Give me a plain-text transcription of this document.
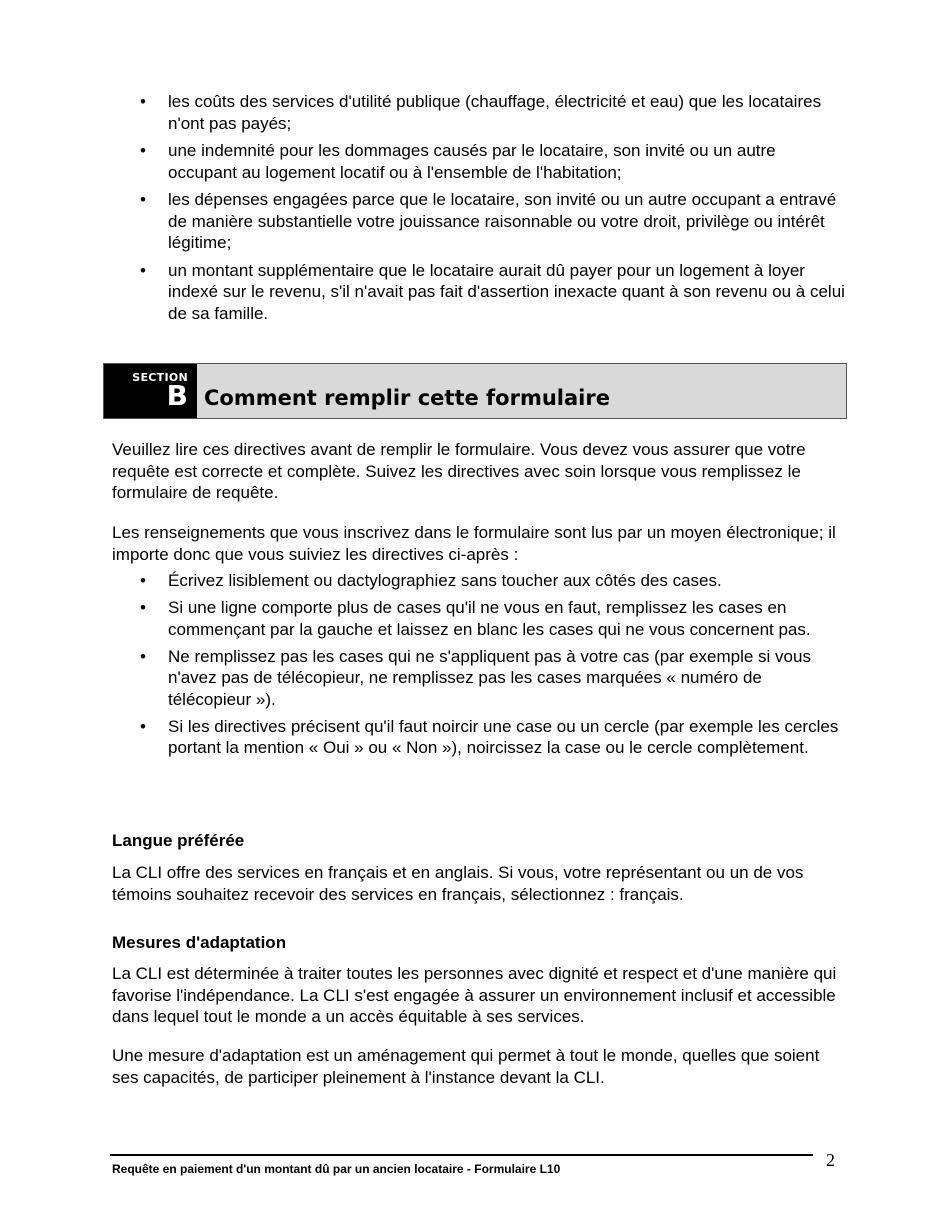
• les coûts des services d'utilité publique (chauffage, électricité et eau) que les locataires n'ont pas payés;
• une indemnité pour les dommages causés par le locataire, son invité ou un autre occupant au logement locatif ou à l'ensemble de l'habitation;
• les dépenses engagées parce que le locataire, son invité ou un autre occupant a entravé de manière substantielle votre jouissance raisonnable ou votre droit, privilège ou intérêt légitime;
• un montant supplémentaire que le locataire aurait dû payer pour un logement à loyer indexé sur le revenu, s'il n'avait pas fait d'assertion inexacte quant à son revenu ou à celui de sa famille.
SECTION
B Comment remplir cette formulaire

Veuillez lire ces directives avant de remplir le formulaire. Vous devez vous assurer que votre requête est correcte et complète. Suivez les directives avec soin lorsque vous remplissez le formulaire de requête.

Les renseignements que vous inscrivez dans le formulaire sont lus par un moyen électronique; il importe donc que vous suiviez les directives ci-après :

• Écrivez lisiblement ou dactylographiez sans toucher aux côtés des cases.
• Si une ligne comporte plus de cases qu'il ne vous en faut, remplissez les cases en commençant par la gauche et laissez en blanc les cases qui ne vous concernent pas.
• Ne remplissez pas les cases qui ne s'appliquent pas à votre cas (par exemple si vous n'avez pas de télécopieur, ne remplissez pas les cases marquées « numéro de télécopieur »).
• Si les directives précisent qu'il faut noircir une case ou un cercle (par exemple les cercles portant la mention « Oui » ou « Non »), noircissez la case ou le cercle complètement.
Langue préférée

La CLI offre des services en français et en anglais. Si vous, votre représentant ou un de vos témoins souhaitez recevoir des services en français, sélectionnez : français.

Mesures d'adaptation

La CLI est déterminée à traiter toutes les personnes avec dignité et respect et d'une manière qui favorise l'indépendance. La CLI s'est engagée à assurer un environnement inclusif et accessible dans lequel tout le monde a un accès équitable à ses services.

Une mesure d'adaptation est un aménagement qui permet à tout le monde, quelles que soient ses capacités, de participer pleinement à l'instance devant la CLI.

Requête en paiement d'un montant dû par un ancien locataire - Formulaire L10	2
